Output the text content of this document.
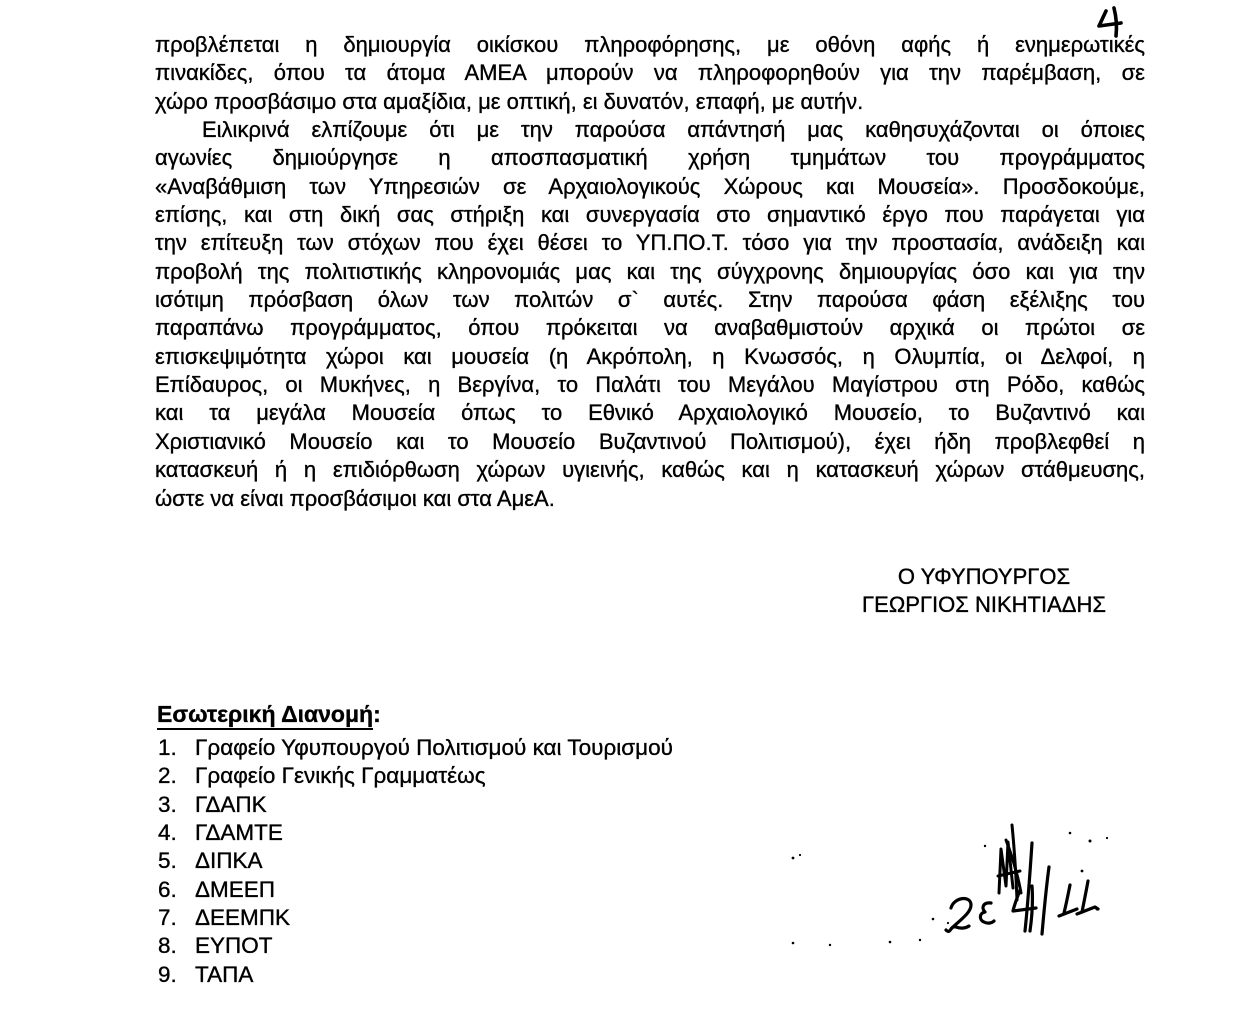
προβλέπεται η δημιουργία οικίσκου πληροφόρησης, με οθόνη αφής ή ενημερωτικές
πινακίδες, όπου τα άτομα ΑΜΕΑ μπορούν να πληροφορηθούν για την παρέμβαση, σε
χώρο προσβάσιμο στα αμαξίδια, με οπτική, ει δυνατόν, επαφή, με αυτήν.
Ειλικρινά ελπίζουμε ότι με την παρούσα απάντησή μας καθησυχάζονται οι όποιες
αγωνίες δημιούργησε η αποσπασματική χρήση τμημάτων του προγράμματος
«Αναβάθμιση των Υπηρεσιών σε Αρχαιολογικούς Χώρους και Μουσεία». Προσδοκούμε,
επίσης, και στη δική σας στήριξη και συνεργασία στο σημαντικό έργο που παράγεται για
την επίτευξη των στόχων που έχει θέσει το ΥΠ.ΠΟ.Τ. τόσο για την προστασία, ανάδειξη και
προβολή της πολιτιστικής κληρονομιάς μας και της σύγχρονης δημιουργίας όσο και για την
ισότιμη πρόσβαση όλων των πολιτών σ` αυτές. Στην παρούσα φάση εξέλιξης του
παραπάνω προγράμματος, όπου πρόκειται να αναβαθμιστούν αρχικά οι πρώτοι σε
επισκεψιμότητα χώροι και μουσεία (η Ακρόπολη, η Κνωσσός, η Ολυμπία, οι Δελφοί, η
Επίδαυρος, οι Μυκήνες, η Βεργίνα, το Παλάτι του Μεγάλου Μαγίστρου στη Ρόδο, καθώς
και τα μεγάλα Μουσεία όπως το Εθνικό Αρχαιολογικό Μουσείο, το Βυζαντινό και
Χριστιανικό Μουσείο και το Μουσείο Βυζαντινού Πολιτισμού), έχει ήδη προβλεφθεί η
κατασκευή ή η επιδιόρθωση χώρων υγιεινής, καθώς και η κατασκευή χώρων στάθμευσης,
ώστε να είναι προσβάσιμοι και στα ΑμεΑ.
Ο ΥΦΥΠΟΥΡΓΟΣ
ΓΕΩΡΓΙΟΣ ΝΙΚΗΤΙΑΔΗΣ
Εσωτερική Διανομή:
1. Γραφείο Υφυπουργού Πολιτισμού και Τουρισμού
2. Γραφείο Γενικής Γραμματέως
3. ΓΔΑΠΚ
4. ΓΔΑΜΤΕ
5. ΔΙΠΚΑ
6. ΔΜΕΕΠ
7. ΔΕΕΜΠΚ
8. ΕΥΠΟΤ
9. ΤΑΠΑ
